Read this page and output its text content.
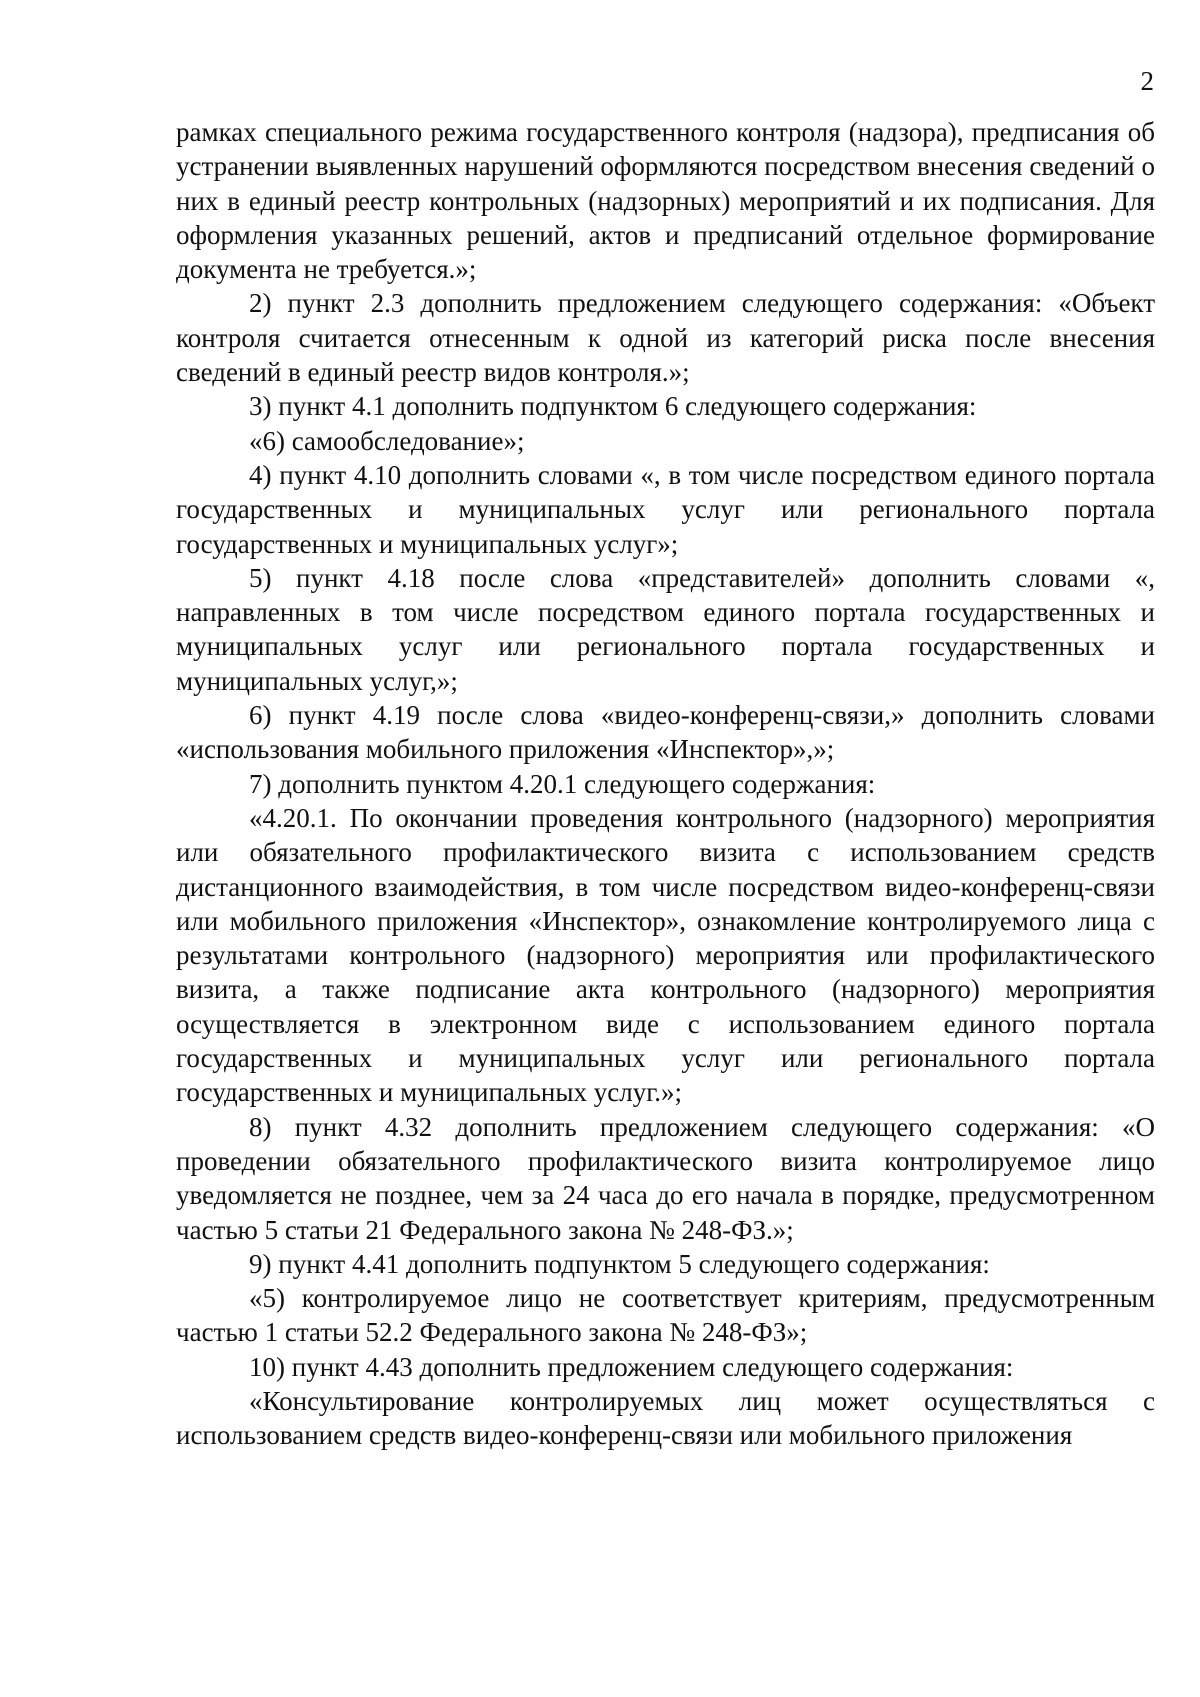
2

рамках специального режима государственного контроля (надзора), предписания об устранении выявленных нарушений оформляются посредством внесения сведений о них в единый реестр контрольных (надзорных) мероприятий и их подписания. Для оформления указанных решений, актов и предписаний отдельное формирование документа не требуется.»;

2) пункт 2.3 дополнить предложением следующего содержания: «Объект контроля считается отнесенным к одной из категорий риска после внесения сведений в единый реестр видов контроля.»;

3) пункт 4.1 дополнить подпунктом 6 следующего содержания:

«6) самообследование»;

4) пункт 4.10 дополнить словами «, в том числе посредством единого портала государственных и муниципальных услуг или регионального портала государственных и муниципальных услуг»;

5) пункт 4.18 после слова «представителей» дополнить словами «, направленных в том числе посредством единого портала государственных и муниципальных услуг или регионального портала государственных и муниципальных услуг,»;

6) пункт 4.19 после слова «видео-конференц-связи,» дополнить словами «использования мобильного приложения «Инспектор»,»;

7) дополнить пунктом 4.20.1 следующего содержания:

«4.20.1. По окончании проведения контрольного (надзорного) мероприятия или обязательного профилактического визита с использованием средств дистанционного взаимодействия, в том числе посредством видео-конференц-связи или мобильного приложения «Инспектор», ознакомление контролируемого лица с результатами контрольного (надзорного) мероприятия или профилактического визита, а также подписание акта контрольного (надзорного) мероприятия осуществляется в электронном виде с использованием единого портала государственных и муниципальных услуг или регионального портала государственных и муниципальных услуг.»;

8) пункт 4.32 дополнить предложением следующего содержания: «О проведении обязательного профилактического визита контролируемое лицо уведомляется не позднее, чем за 24 часа до его начала в порядке, предусмотренном частью 5 статьи 21 Федерального закона № 248-ФЗ.»;

9) пункт 4.41 дополнить подпунктом 5 следующего содержания:

«5) контролируемое лицо не соответствует критериям, предусмотренным частью 1 статьи 52.2 Федерального закона № 248-ФЗ»;

10) пункт 4.43 дополнить предложением следующего содержания:

«Консультирование контролируемых лиц может осуществляться с использованием средств видео-конференц-связи или мобильного приложения
